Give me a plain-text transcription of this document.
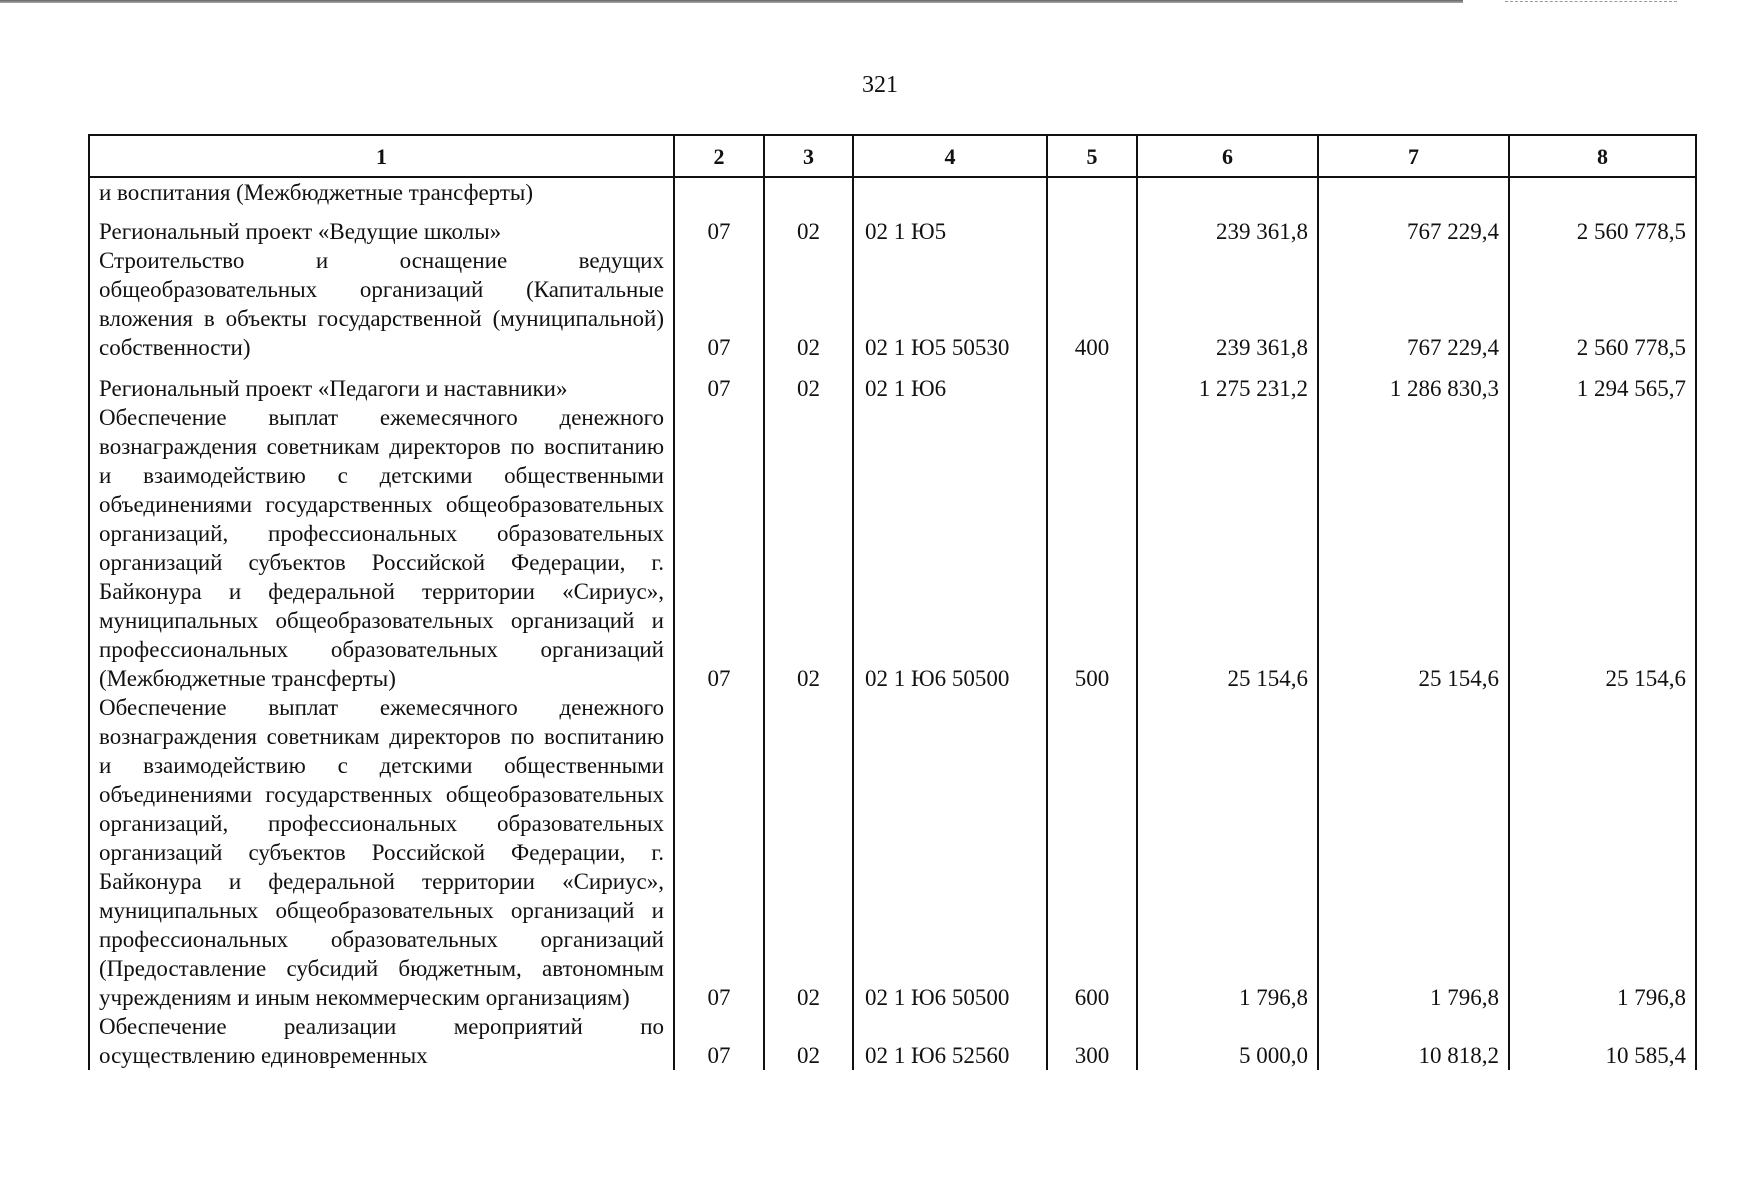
321
1	2	3	4	5	6	7	8
и воспитания (Межбюджетные трансферты)							
Региональный проект «Ведущие школы»	07	02	02 1 Ю5		239 361,8	767 229,4	2 560 778,5
Строительство и оснащение ведущих общеобразовательных организаций (Капитальные вложения в объекты государственной (муниципальной) собственности)	07	02	02 1 Ю5 50530	400	239 361,8	767 229,4	2 560 778,5
Региональный проект «Педагоги и наставники»	07	02	02 1 Ю6		1 275 231,2	1 286 830,3	1 294 565,7
Обеспечение выплат ежемесячного денежного вознаграждения советникам директоров по воспитанию и взаимодействию с детскими общественными объединениями государственных общеобразовательных организаций, профессиональных образовательных организаций субъектов Российской Федерации, г. Байконура и федеральной территории «Сириус», муниципальных общеобразовательных организаций и профессиональных образовательных организаций (Межбюджетные трансферты)	07	02	02 1 Ю6 50500	500	25 154,6	25 154,6	25 154,6
Обеспечение выплат ежемесячного денежного вознаграждения советникам директоров по воспитанию и взаимодействию с детскими общественными объединениями государственных общеобразовательных организаций, профессиональных образовательных организаций субъектов Российской Федерации, г. Байконура и федеральной территории «Сириус», муниципальных общеобразовательных организаций и профессиональных образовательных организаций (Предоставление субсидий бюджетным, автономным учреждениям и иным некоммерческим организациям)	07	02	02 1 Ю6 50500	600	1 796,8	1 796,8	1 796,8
Обеспечение реализации мероприятий по осуществлению единовременных	07	02	02 1 Ю6 52560	300	5 000,0	10 818,2	10 585,4
